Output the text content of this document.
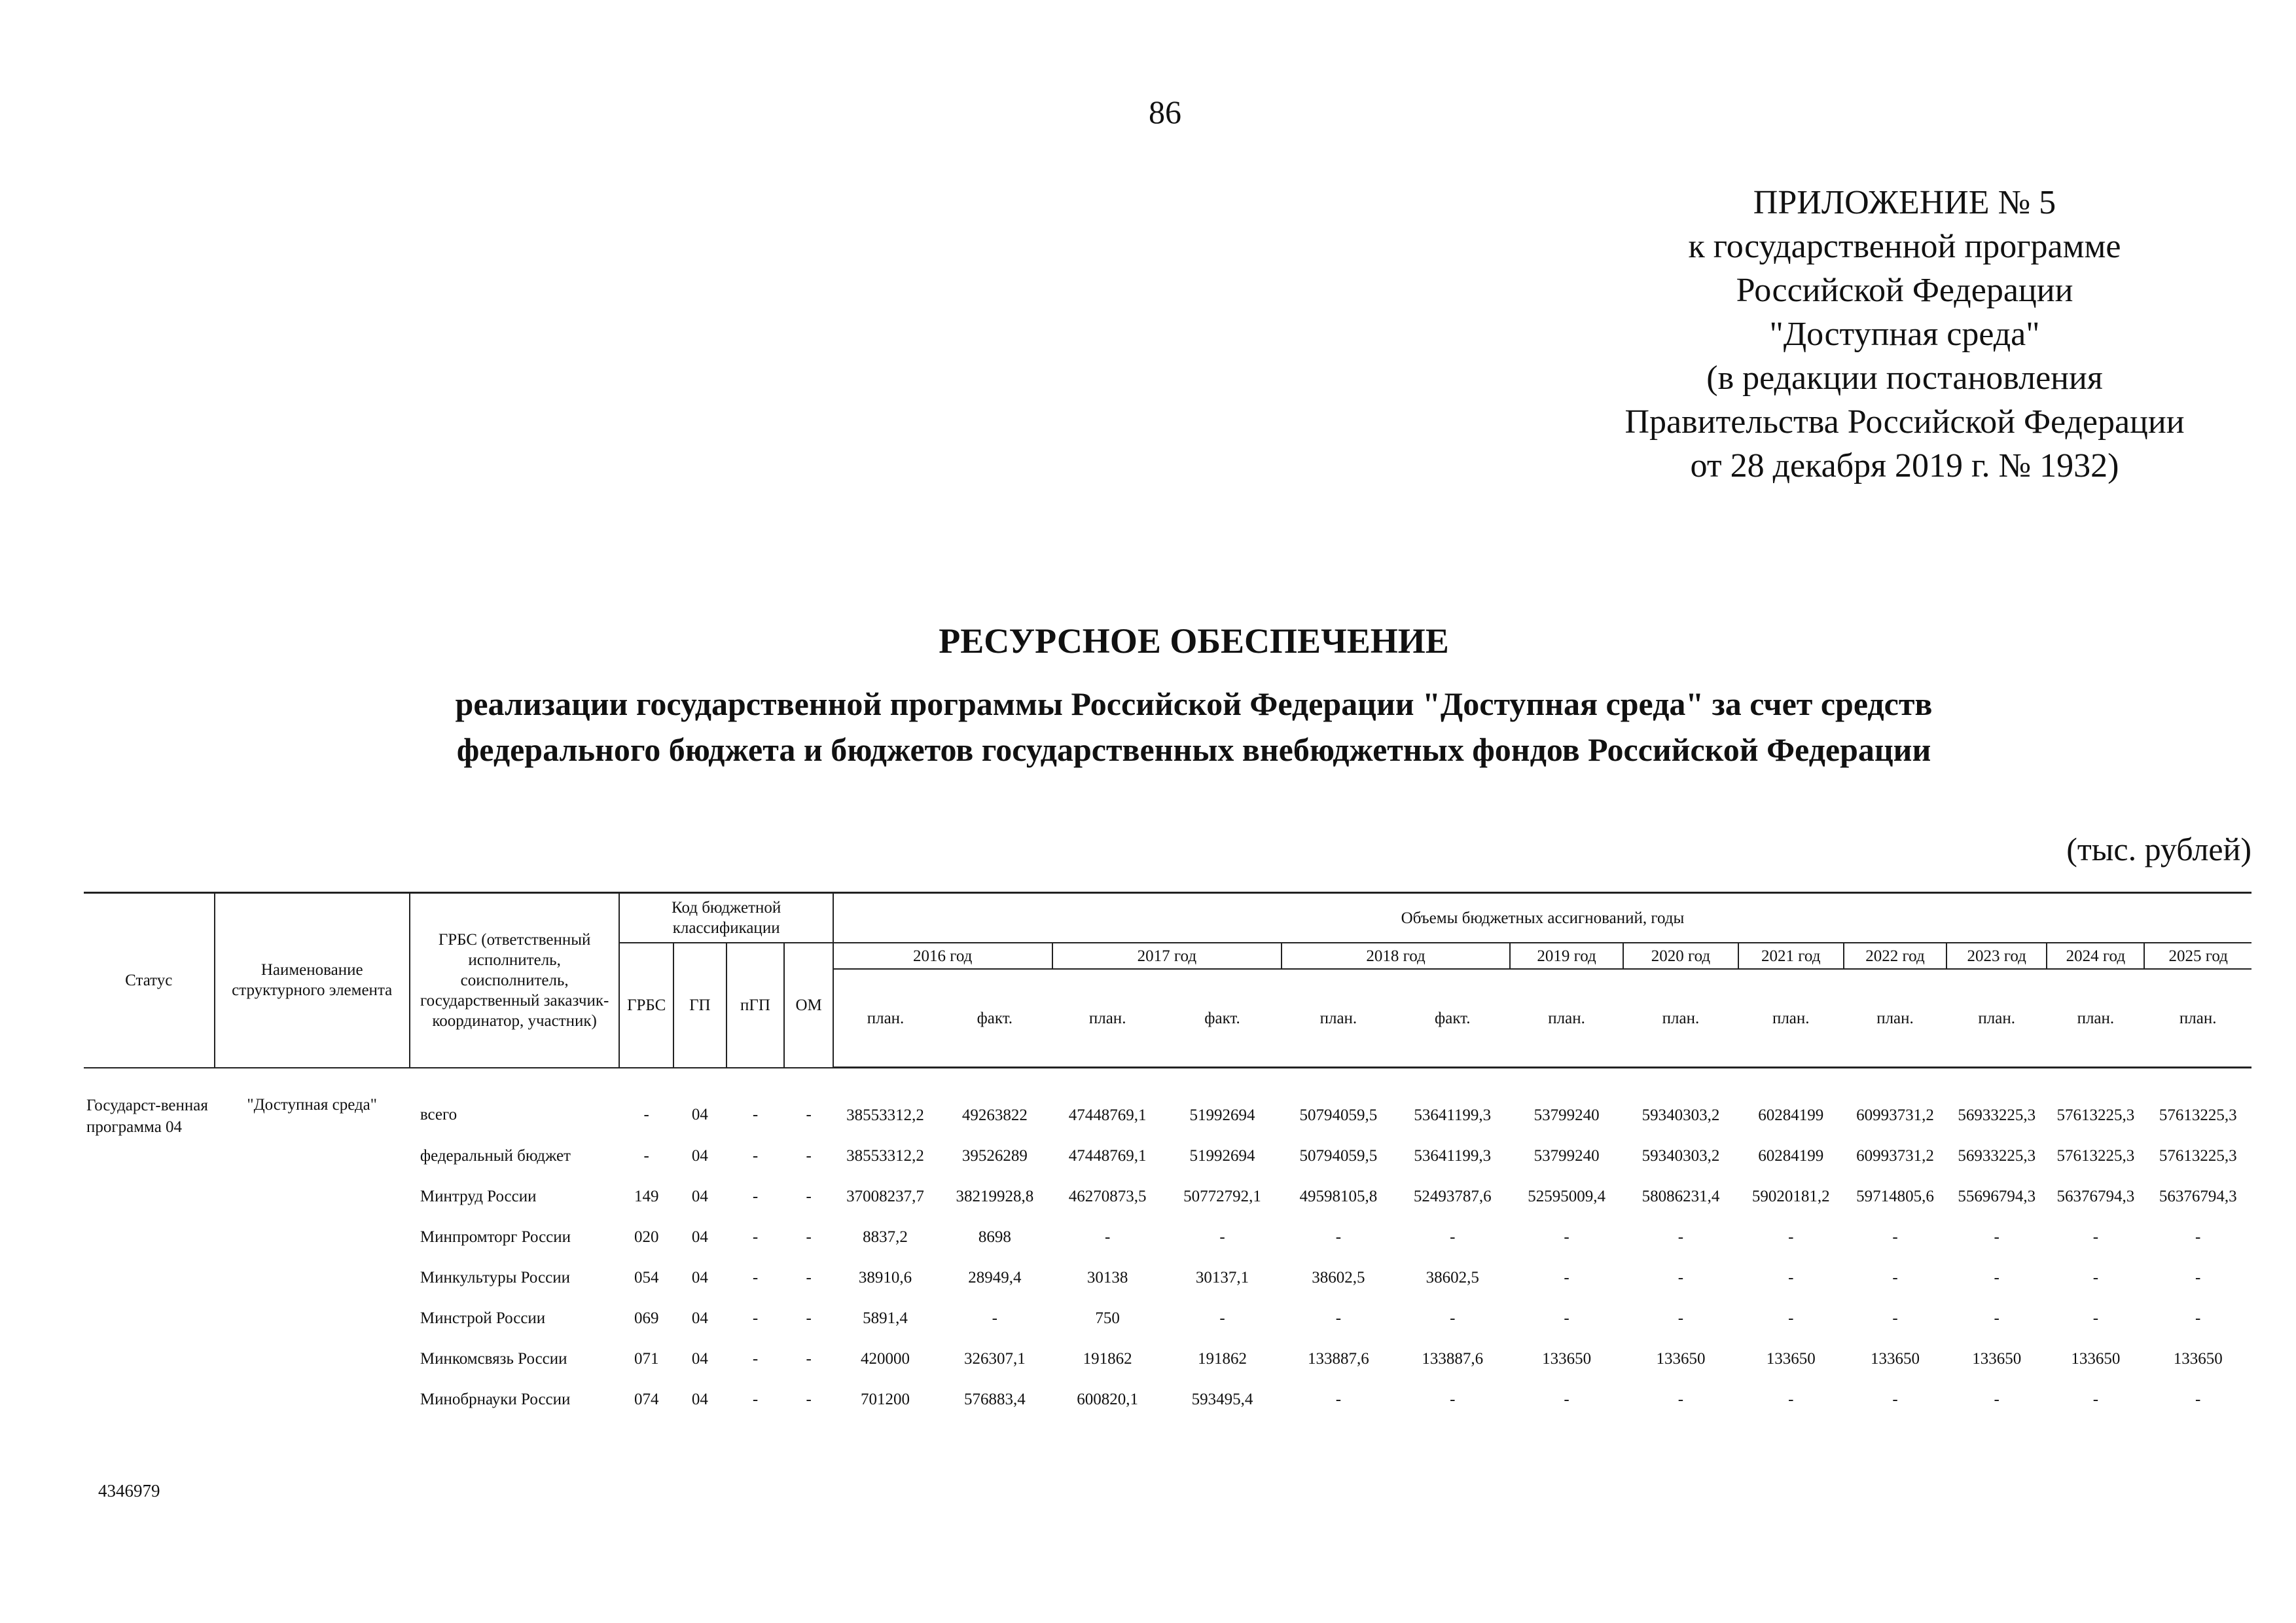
86
ПРИЛОЖЕНИЕ № 5
к государственной программе
Российской Федерации
"Доступная среда"
(в редакции постановления
Правительства Российской Федерации
от 28 декабря 2019 г. № 1932)
РЕСУРСНОЕ ОБЕСПЕЧЕНИЕ
реализации государственной программы Российской Федерации "Доступная среда" за счет средств
федерального бюджета и бюджетов государственных внебюджетных фондов Российской Федерации
(тыс. рублей)
Статус	Наименование структурного элемента	ГРБС (ответственный исполнитель, соисполнитель, государственный заказчик-координатор, участник)	Код бюджетной классификации				Объемы бюджетных ассигнований, годы												
			ГРБС	ГП	пГП	ОМ	2016 год		2017 год		2018 год		2019 год	2020 год	2021 год	2022 год	2023 год	2024 год	2025 год
							план.	факт.	план.	факт.	план.	факт.	план.	план.	план.	план.	план.	план.	план.
Государст-венная программа 04	"Доступная среда"	всего	-	04	-	-	38553312,2	49263822	47448769,1	51992694	50794059,5	53641199,3	53799240	59340303,2	60284199	60993731,2	56933225,3	57613225,3	57613225,3
		федеральный бюджет	-	04	-	-	38553312,2	39526289	47448769,1	51992694	50794059,5	53641199,3	53799240	59340303,2	60284199	60993731,2	56933225,3	57613225,3	57613225,3
		Минтруд России	149	04	-	-	37008237,7	38219928,8	46270873,5	50772792,1	49598105,8	52493787,6	52595009,4	58086231,4	59020181,2	59714805,6	55696794,3	56376794,3	56376794,3
		Минпромторг России	020	04	-	-	8837,2	8698	-	-	-	-	-	-	-	-	-	-	-
		Минкультуры России	054	04	-	-	38910,6	28949,4	30138	30137,1	38602,5	38602,5	-	-	-	-	-	-	-
		Минстрой России	069	04	-	-	5891,4	-	750	-	-	-	-	-	-	-	-	-	-
		Минкомсвязь России	071	04	-	-	420000	326307,1	191862	191862	133887,6	133887,6	133650	133650	133650	133650	133650	133650	133650
		Минобрнауки России	074	04	-	-	701200	576883,4	600820,1	593495,4	-	-	-	-	-	-	-	-	-
4346979
